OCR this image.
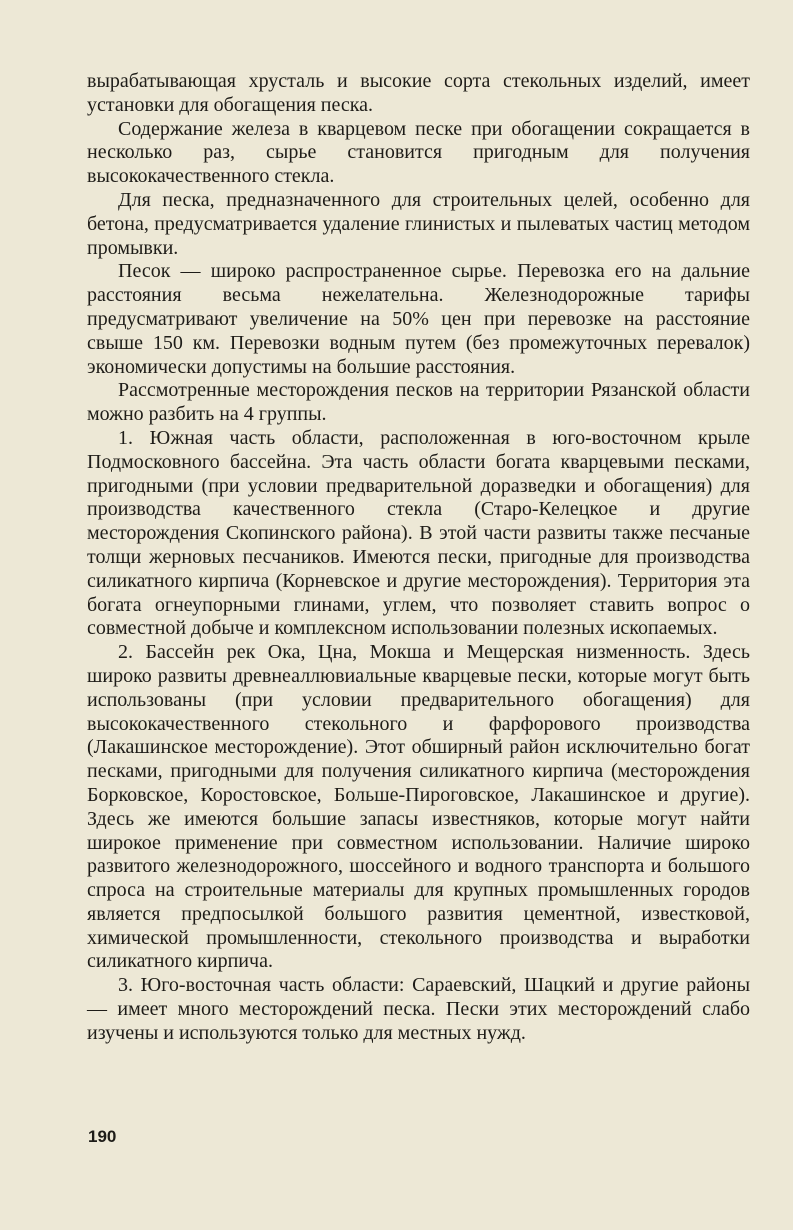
вырабатывающая хрусталь и высокие сорта стекольных изделий, имеет установки для обогащения песка.

Содержание железа в кварцевом песке при обогащении сокращается в несколько раз, сырье становится пригодным для получения высококачественного стекла.

Для песка, предназначенного для строительных целей, особенно для бетона, предусматривается удаление глинистых и пылеватых частиц методом промывки.

Песок — широко распространенное сырье. Перевозка его на дальние расстояния весьма нежелательна. Железнодорожные тарифы предусматривают увеличение на 50% цен при перевозке на расстояние свыше 150 км. Перевозки водным путем (без промежуточных перевалок) экономически допустимы на большие расстояния.

Рассмотренные месторождения песков на территории Рязанской области можно разбить на 4 группы.

1. Южная часть области, расположенная в юго-восточном крыле Подмосковного бассейна. Эта часть области богата кварцевыми песками, пригодными (при условии предварительной доразведки и обогащения) для производства качественного стекла (Старо-Келецкое и другие месторождения Скопинского района). В этой части развиты также песчаные толщи жерновых песчаников. Имеются пески, пригодные для производства силикатного кирпича (Корневское и другие месторождения). Территория эта богата огнеупорными глинами, углем, что позволяет ставить вопрос о совместной добыче и комплексном использовании полезных ископаемых.

2. Бассейн рек Ока, Цна, Мокша и Мещерская низменность. Здесь широко развиты древнеаллювиальные кварцевые пески, которые могут быть использованы (при условии предварительного обогащения) для высококачественного стекольного и фарфорового производства (Лакашинское месторождение). Этот обширный район исключительно богат песками, пригодными для получения силикатного кирпича (месторождения Борковское, Коростовское, Больше-Пироговское, Лакашинское и другие). Здесь же имеются большие запасы известняков, которые могут найти широкое применение при совместном использовании. Наличие широко развитого железнодорожного, шоссейного и водного транспорта и большого спроса на строительные материалы для крупных промышленных городов является предпосылкой большого развития цементной, известковой, химической промышленности, стекольного производства и выработки силикатного кирпича.

3. Юго-восточная часть области: Сараевский, Шацкий и другие районы — имеет много месторождений песка. Пески этих месторождений слабо изучены и используются только для местных нужд.

190
